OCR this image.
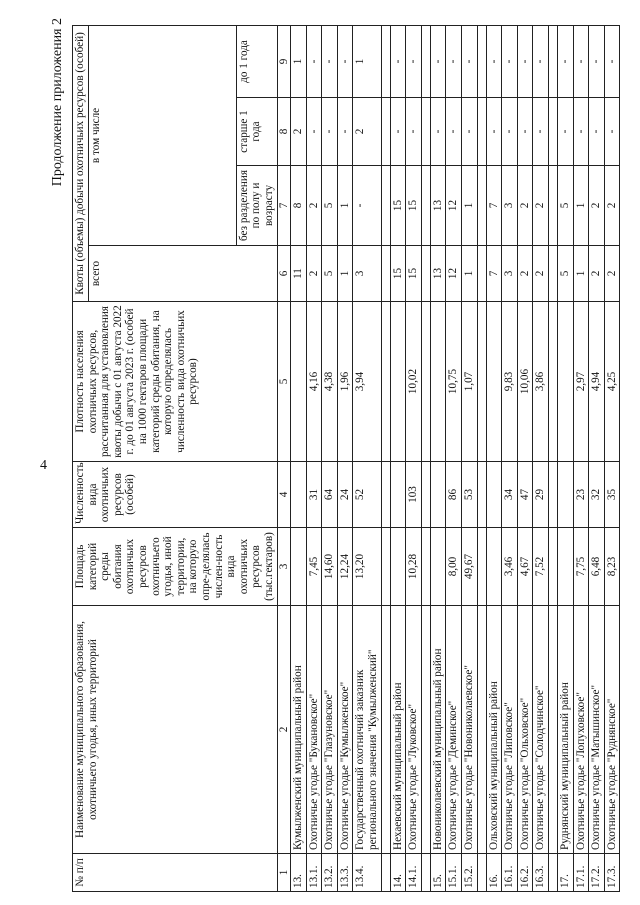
4
Продолжение приложения 2
№ п/п	Наименование муниципального образования, охотничьего угодья, иных территорий	Площадь категорий среды обитания охотничьих ресурсов охотничьего угодья, иной территории, на которую опре-делялась числен-ность вида охотничьих ресурсов (тыс.гектаров)	Численность вида охотничьих ресурсов (особей)	Плотность населения охотничьих ресурсов, рассчитанная для установления квоты добычи с 01 августа 2022 г. до 01 августа 2023 г. (особей на 1000 гектаров площади категорий среды обитания, на которую определялась численность вида охотничьих ресурсов)	Квоты (объемы) добычи охотничьих ресурсов (особей)			
					всего	в том числе		
						без разделения по полу и возрасту	старше 1 года	до 1 года
1	2	3	4	5	6	7	8	9
13.	Кумылженский муниципальный район				11	8	2	1
13.1.	Охотничье угодье "Букановское"	7,45	31	4,16	2	2	-	-
13.2.	Охотничье угодье "Глазуновское"	14,60	64	4,38	5	5	-	-
13.3.	Охотничье угодье "Кумылженское"	12,24	24	1,96	1	1	-	-
13.4.	Государственный охотничий заказник регионального значения "Кумылженский"	13,20	52	3,94	3	-	2	1

14.	Нехаевский муниципальный район				15	15	-	-
14.1.	Охотничье угодье "Луковское"	10,28	103	10,02	15	15	-	-

15.	Новониколаевский муниципальный район				13	13	-	-
15.1.	Охотничье угодье "Деминское"	8,00	86	10,75	12	12	-	-
15.2.	Охотничье угодье "Новониколаевское"	49,67	53	1,07	1	1	-	-

16.	Ольховский муниципальный район				7	7	-	-
16.1.	Охотничье угодье "Липовское"	3,46	34	9,83	3	3	-	-
16.2.	Охотничье угодье "Ольховское"	4,67	47	10,06	2	2	-	-
16.3.	Охотничье угодье "Солодчинское"	7,52	29	3,86	2	2	-	-

17.	Руднянский муниципальный район				5	5	-	-
17.1.	Охотничье угодье "Лопуховское"	7,75	23	2,97	1	1	-	-
17.2.	Охотничье угодье "Матышинское"	6,48	32	4,94	2	2	-	-
17.3.	Охотничье угодье "Руднянское"	8,23	35	4,25	2	2	-	-
